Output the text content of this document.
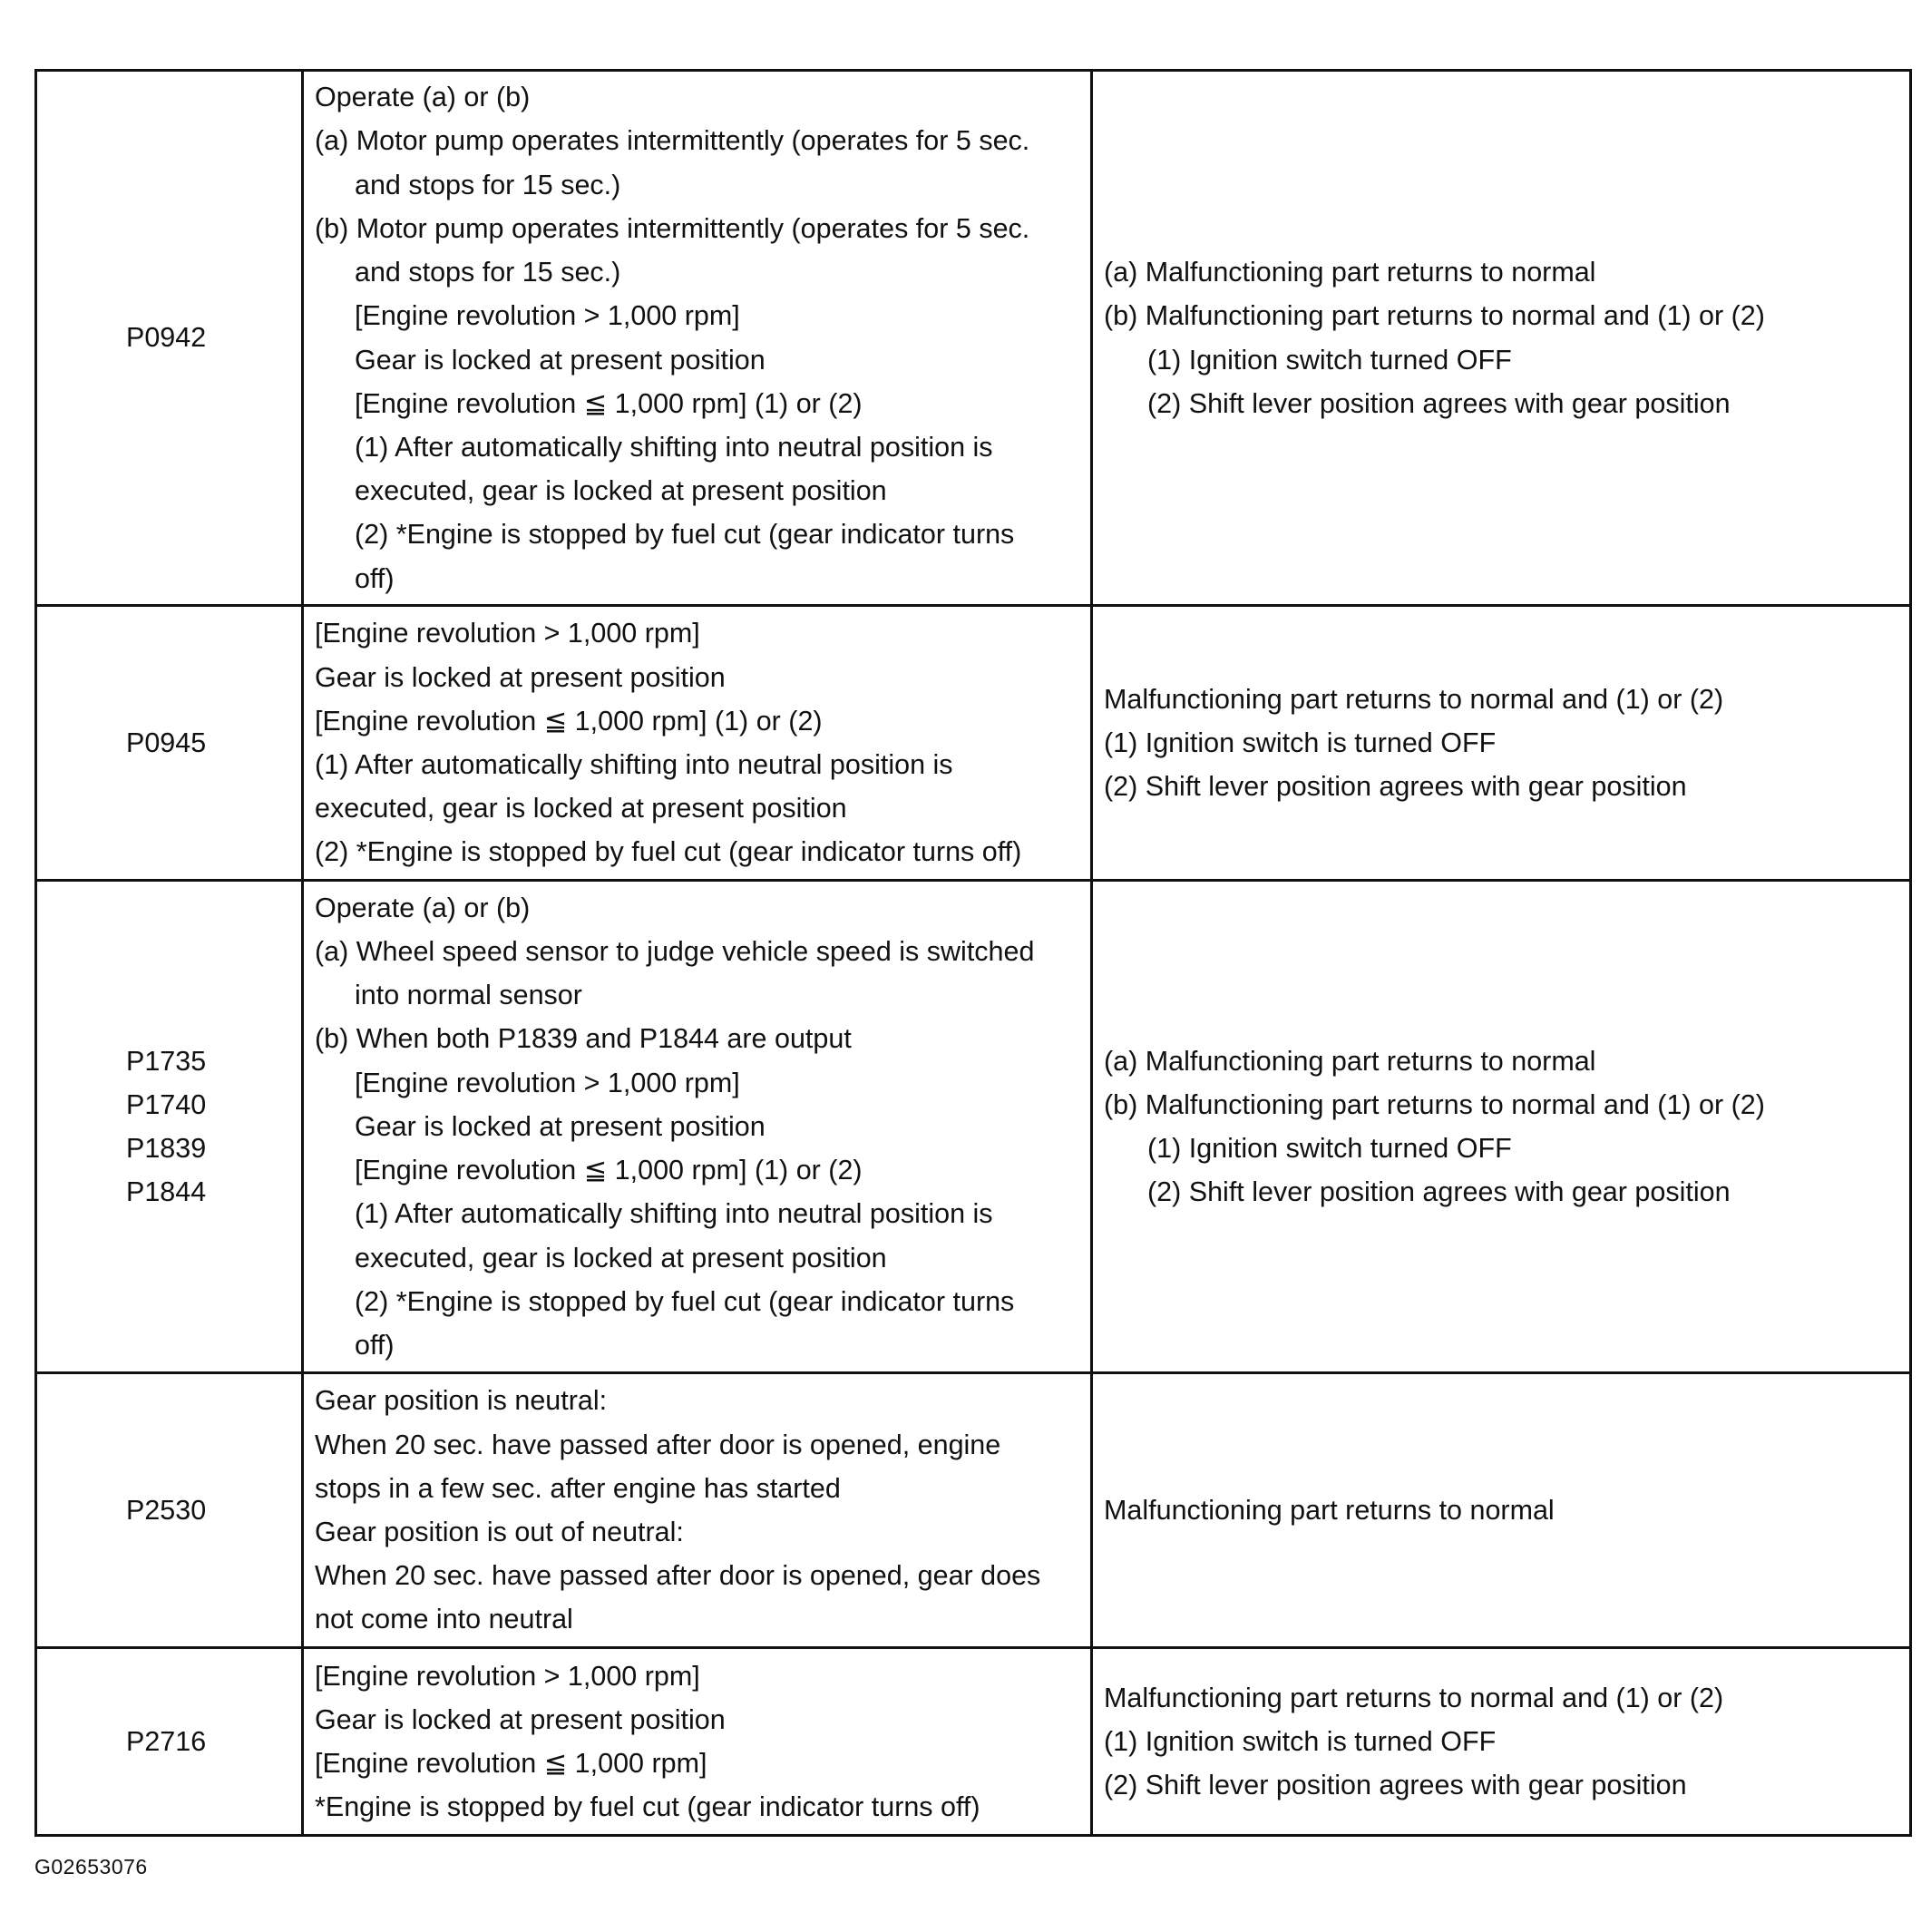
P0942
Operate (a) or (b)
(a) Motor pump operates intermittently (operates for 5 sec.
and stops for 15 sec.)
(b) Motor pump operates intermittently (operates for 5 sec.
and stops for 15 sec.)
[Engine revolution > 1,000 rpm]
Gear is locked at present position
[Engine revolution ≦ 1,000 rpm] (1) or (2)
(1) After automatically shifting into neutral position is
executed, gear is locked at present position
(2) *Engine is stopped by fuel cut (gear indicator turns
off)
(a) Malfunctioning part returns to normal
(b) Malfunctioning part returns to normal and (1) or (2)
(1) Ignition switch turned OFF
(2) Shift lever position agrees with gear position
P0945
[Engine revolution > 1,000 rpm]
Gear is locked at present position
[Engine revolution ≦ 1,000 rpm] (1) or (2)
(1) After automatically shifting into neutral position is
executed, gear is locked at present position
(2) *Engine is stopped by fuel cut (gear indicator turns off)
Malfunctioning part returns to normal and (1) or (2)
(1) Ignition switch is turned OFF
(2) Shift lever position agrees with gear position
P1735
P1740
P1839
P1844
Operate (a) or (b)
(a) Wheel speed sensor to judge vehicle speed is switched
into normal sensor
(b) When both P1839 and P1844 are output
[Engine revolution > 1,000 rpm]
Gear is locked at present position
[Engine revolution ≦ 1,000 rpm] (1) or (2)
(1) After automatically shifting into neutral position is
executed, gear is locked at present position
(2) *Engine is stopped by fuel cut (gear indicator turns
off)
(a) Malfunctioning part returns to normal
(b) Malfunctioning part returns to normal and (1) or (2)
(1) Ignition switch turned OFF
(2) Shift lever position agrees with gear position
P2530
Gear position is neutral:
When 20 sec. have passed after door is opened, engine
stops in a few sec. after engine has started
Gear position is out of neutral:
When 20 sec. have passed after door is opened, gear does
not come into neutral
Malfunctioning part returns to normal
P2716
[Engine revolution > 1,000 rpm]
Gear is locked at present position
[Engine revolution ≦ 1,000 rpm]
*Engine is stopped by fuel cut (gear indicator turns off)
Malfunctioning part returns to normal and (1) or (2)
(1) Ignition switch is turned OFF
(2) Shift lever position agrees with gear position
G02653076
